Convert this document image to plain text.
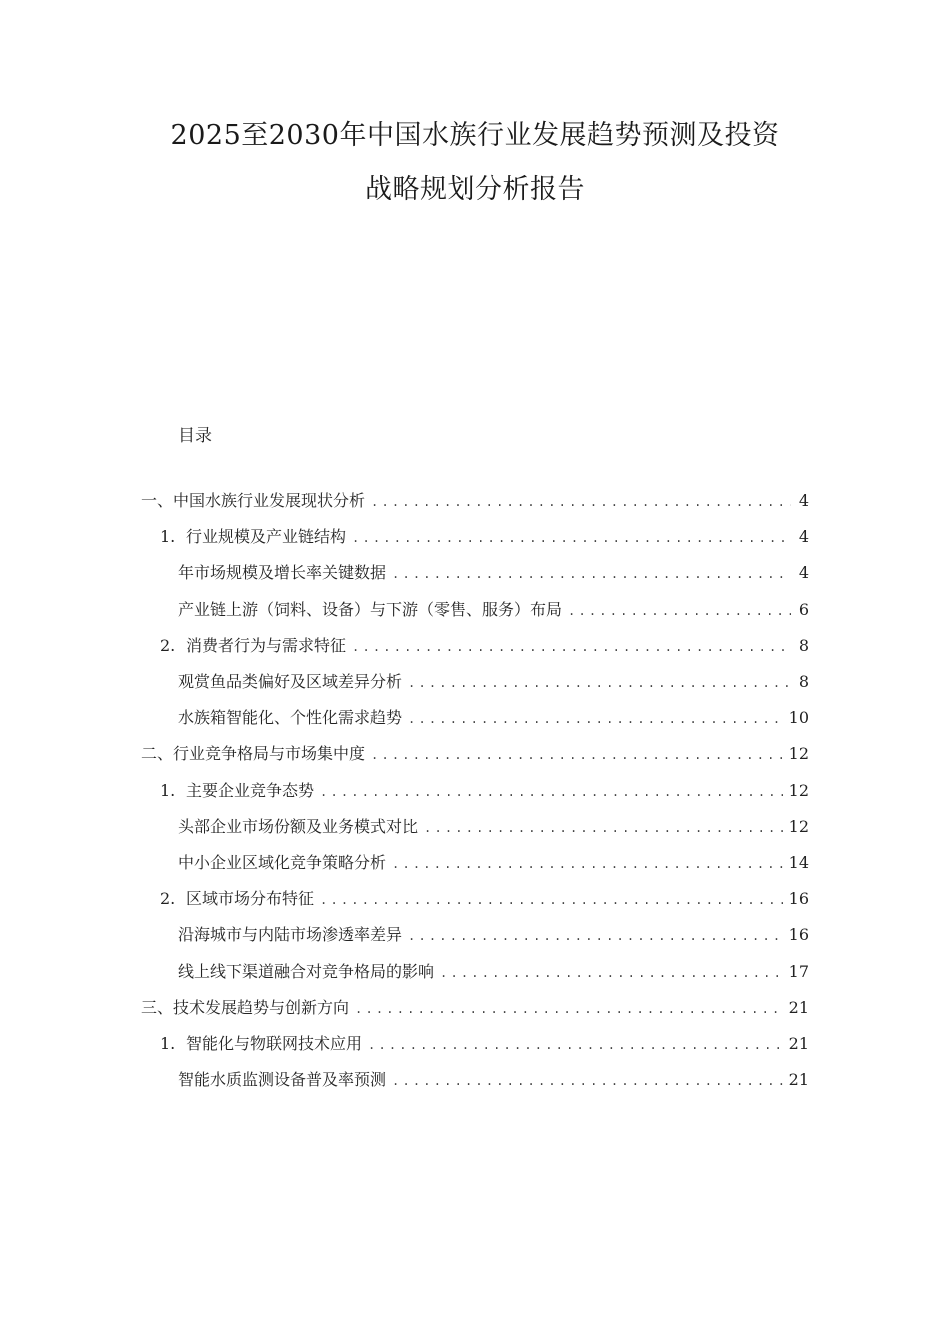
2025至2030年中国水族行业发展趋势预测及投资
战略规划分析报告
目录
一、中国水族行业发展现状分析 .....	4
1. 行业规模及产业链结构 .....	4
年市场规模及增长率关键数据 .....	4
产业链上游（饲料、设备）与下游（零售、服务）布局 .....	6
2. 消费者行为与需求特征 .....	8
观赏鱼品类偏好及区域差异分析 .....	8
水族箱智能化、个性化需求趋势 .....	10
二、行业竞争格局与市场集中度 .....	12
1. 主要企业竞争态势 .....	12
头部企业市场份额及业务模式对比 .....	12
中小企业区域化竞争策略分析 .....	14
2. 区域市场分布特征 .....	16
沿海城市与内陆市场渗透率差异 .....	16
线上线下渠道融合对竞争格局的影响 .....	17
三、技术发展趋势与创新方向 .....	21
1. 智能化与物联网技术应用 .....	21
智能水质监测设备普及率预测 .....	21
